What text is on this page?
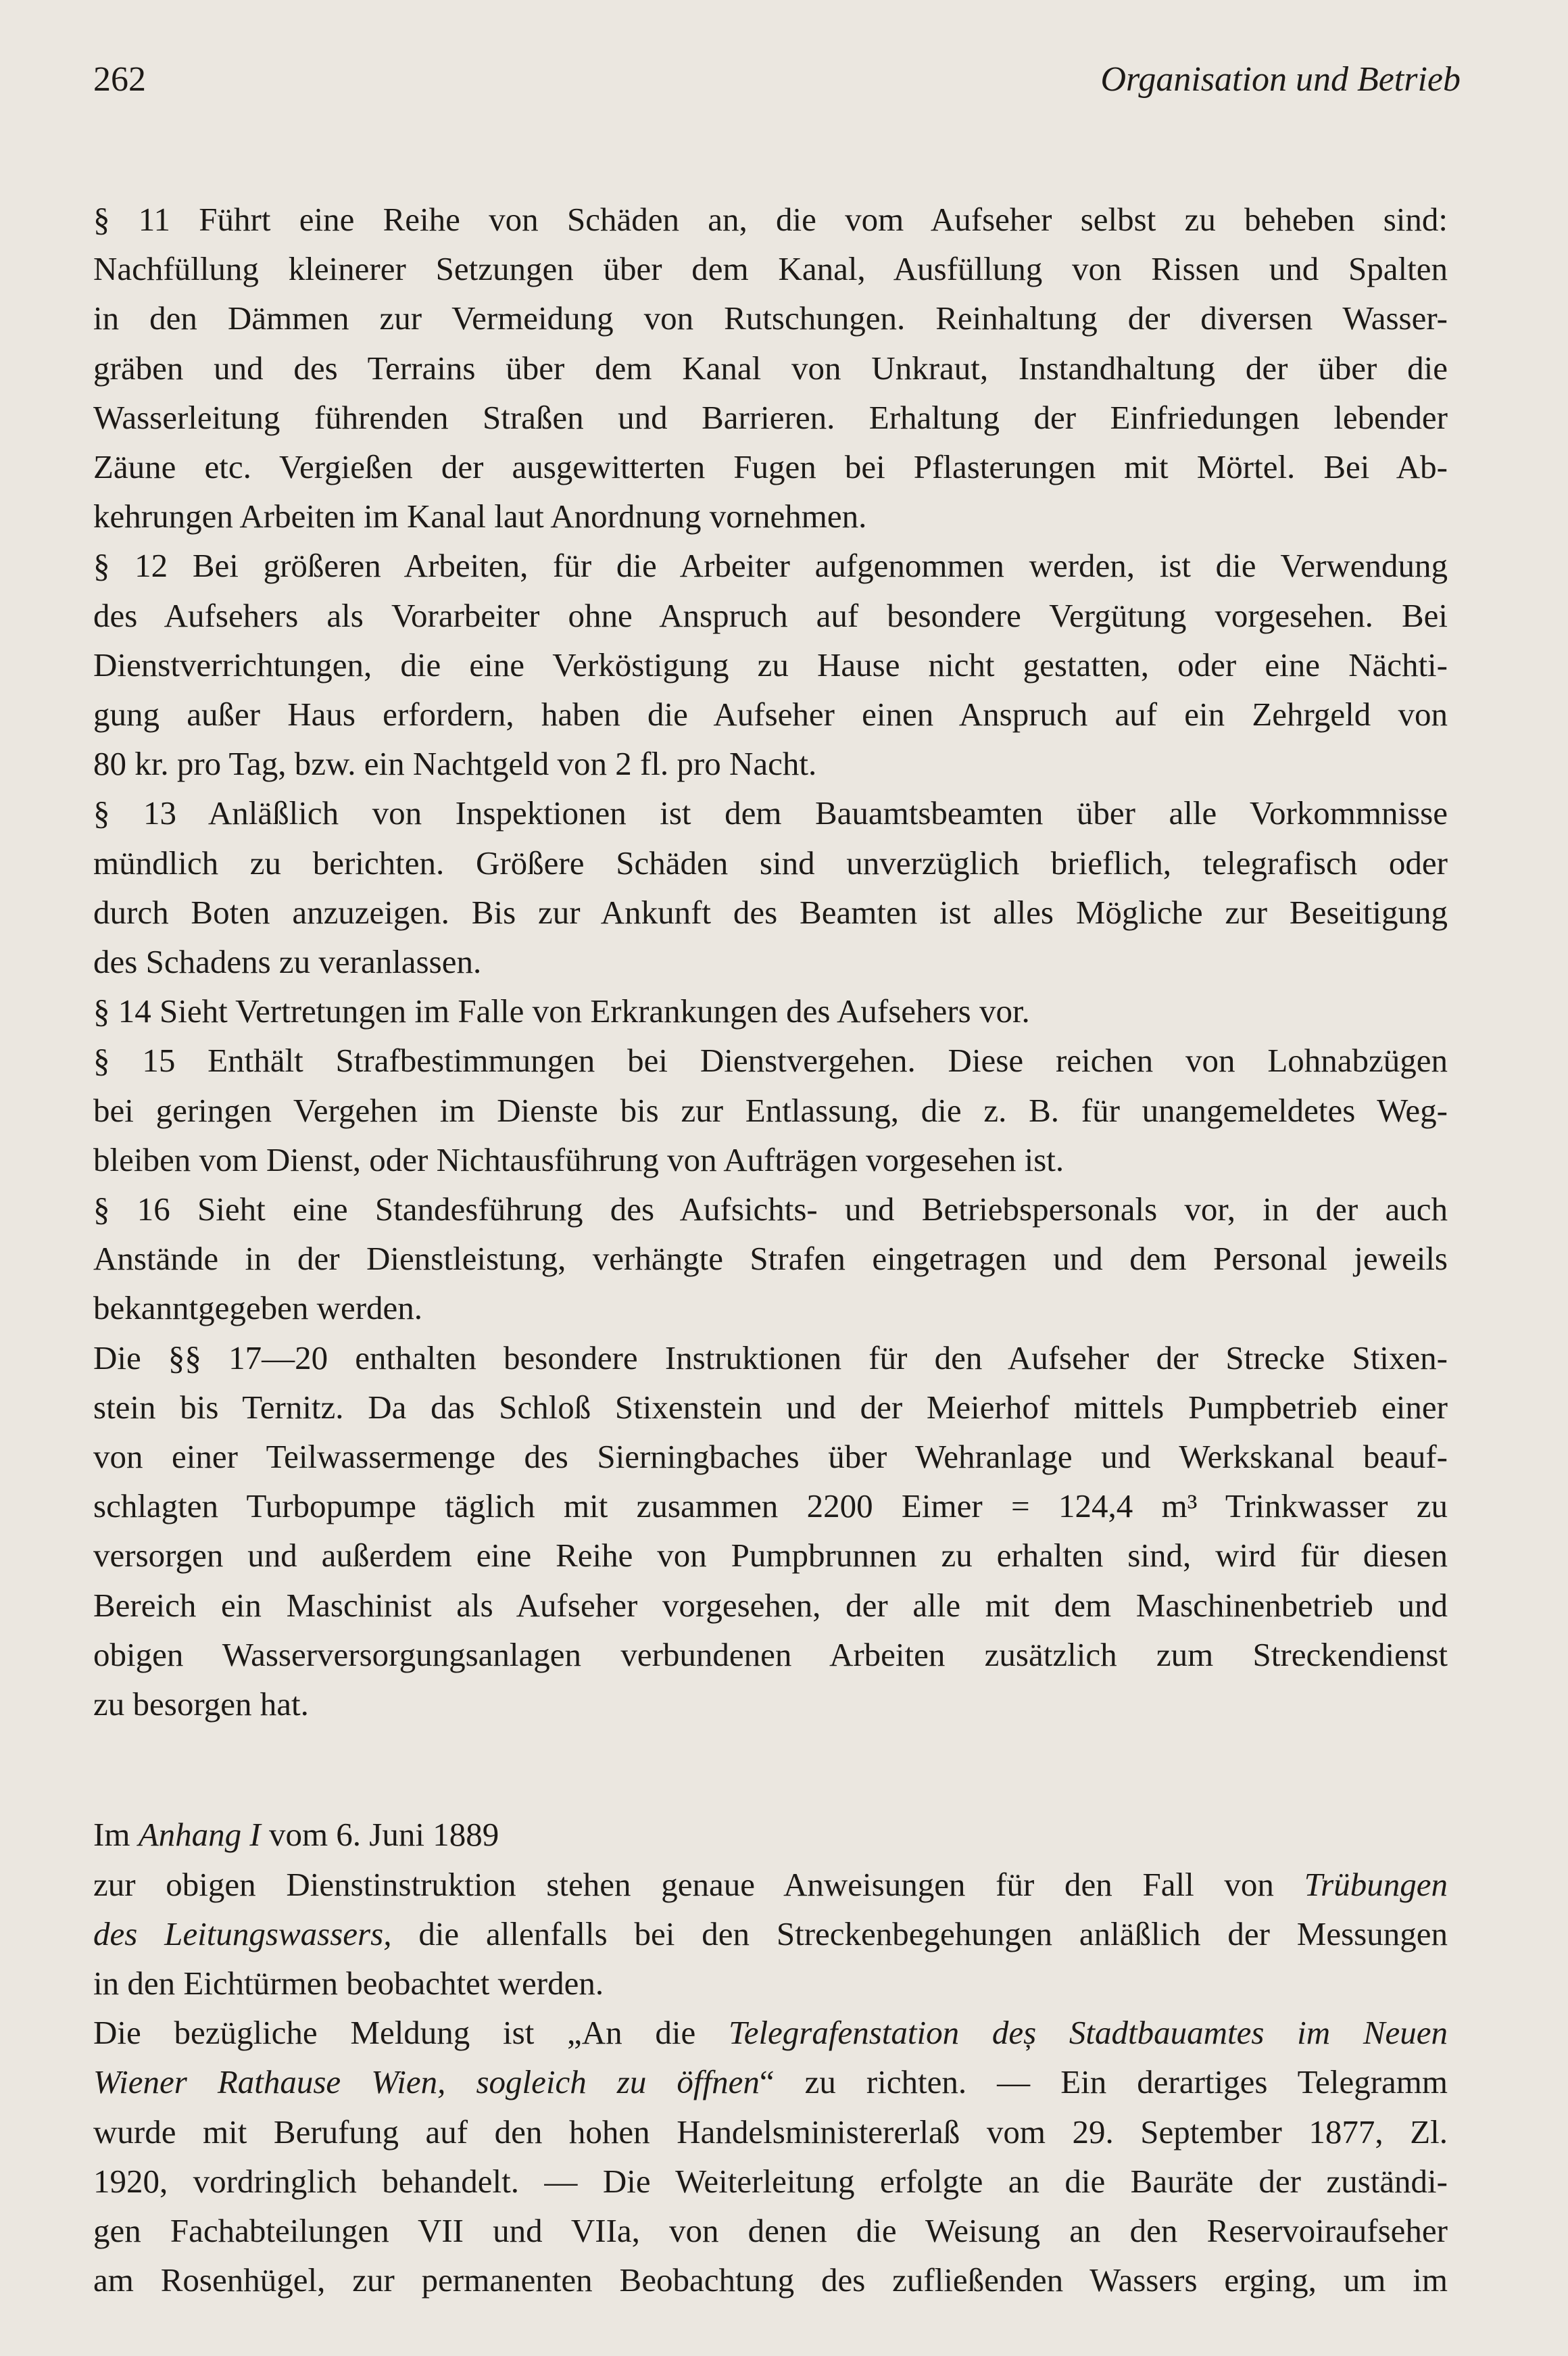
262	Organisation und Betrieb

§ 11 Führt eine Reihe von Schäden an, die vom Aufseher selbst zu beheben sind:
Nachfüllung kleinerer Setzungen über dem Kanal, Ausfüllung von Rissen und Spalten
in den Dämmen zur Vermeidung von Rutschungen. Reinhaltung der diversen Wasser-
gräben und des Terrains über dem Kanal von Unkraut, Instandhaltung der über die
Wasserleitung führenden Straßen und Barrieren. Erhaltung der Einfriedungen lebender
Zäune etc. Vergießen der ausgewitterten Fugen bei Pflasterungen mit Mörtel. Bei Ab-
kehrungen Arbeiten im Kanal laut Anordnung vornehmen.

§ 12 Bei größeren Arbeiten, für die Arbeiter aufgenommen werden, ist die Verwendung
des Aufsehers als Vorarbeiter ohne Anspruch auf besondere Vergütung vorgesehen. Bei
Dienstverrichtungen, die eine Verköstigung zu Hause nicht gestatten, oder eine Nächti-
gung außer Haus erfordern, haben die Aufseher einen Anspruch auf ein Zehrgeld von
80 kr. pro Tag, bzw. ein Nachtgeld von 2 fl. pro Nacht.

§ 13 Anläßlich von Inspektionen ist dem Bauamtsbeamten über alle Vorkommnisse
mündlich zu berichten. Größere Schäden sind unverzüglich brieflich, telegrafisch oder
durch Boten anzuzeigen. Bis zur Ankunft des Beamten ist alles Mögliche zur Beseitigung
des Schadens zu veranlassen.

§ 14 Sieht Vertretungen im Falle von Erkrankungen des Aufsehers vor.

§ 15 Enthält Strafbestimmungen bei Dienstvergehen. Diese reichen von Lohnabzügen
bei geringen Vergehen im Dienste bis zur Entlassung, die z. B. für unangemeldetes Weg-
bleiben vom Dienst, oder Nichtausführung von Aufträgen vorgesehen ist.

§ 16 Sieht eine Standesführung des Aufsichts- und Betriebspersonals vor, in der auch
Anstände in der Dienstleistung, verhängte Strafen eingetragen und dem Personal jeweils
bekanntgegeben werden.

Die §§ 17—20 enthalten besondere Instruktionen für den Aufseher der Strecke Stixen-
stein bis Ternitz. Da das Schloß Stixenstein und der Meierhof mittels Pumpbetrieb einer
von einer Teilwassermenge des Sierningbaches über Wehranlage und Werkskanal beauf-
schlagten Turbopumpe täglich mit zusammen 2200 Eimer = 124,4 m³ Trinkwasser zu
versorgen und außerdem eine Reihe von Pumpbrunnen zu erhalten sind, wird für diesen
Bereich ein Maschinist als Aufseher vorgesehen, der alle mit dem Maschinenbetrieb und
obigen Wasserversorgungsanlagen verbundenen Arbeiten zusätzlich zum Streckendienst
zu besorgen hat.

Im Anhang I vom 6. Juni 1889
zur obigen Dienstinstruktion stehen genaue Anweisungen für den Fall von Trübungen
des Leitungswassers, die allenfalls bei den Streckenbegehungen anläßlich der Messungen
in den Eichtürmen beobachtet werden.

Die bezügliche Meldung ist „An die Telegrafenstation deș Stadtbauamtes im Neuen
Wiener Rathause Wien, sogleich zu öffnen“ zu richten. — Ein derartiges Telegramm
wurde mit Berufung auf den hohen Handelsministererlaß vom 29. September 1877, Zl.
1920, vordringlich behandelt. — Die Weiterleitung erfolgte an die Bauräte der zuständi-
gen Fachabteilungen VII und VIIa, von denen die Weisung an den Reservoiraufseher
am Rosenhügel, zur permanenten Beobachtung des zufließenden Wassers erging, um im
